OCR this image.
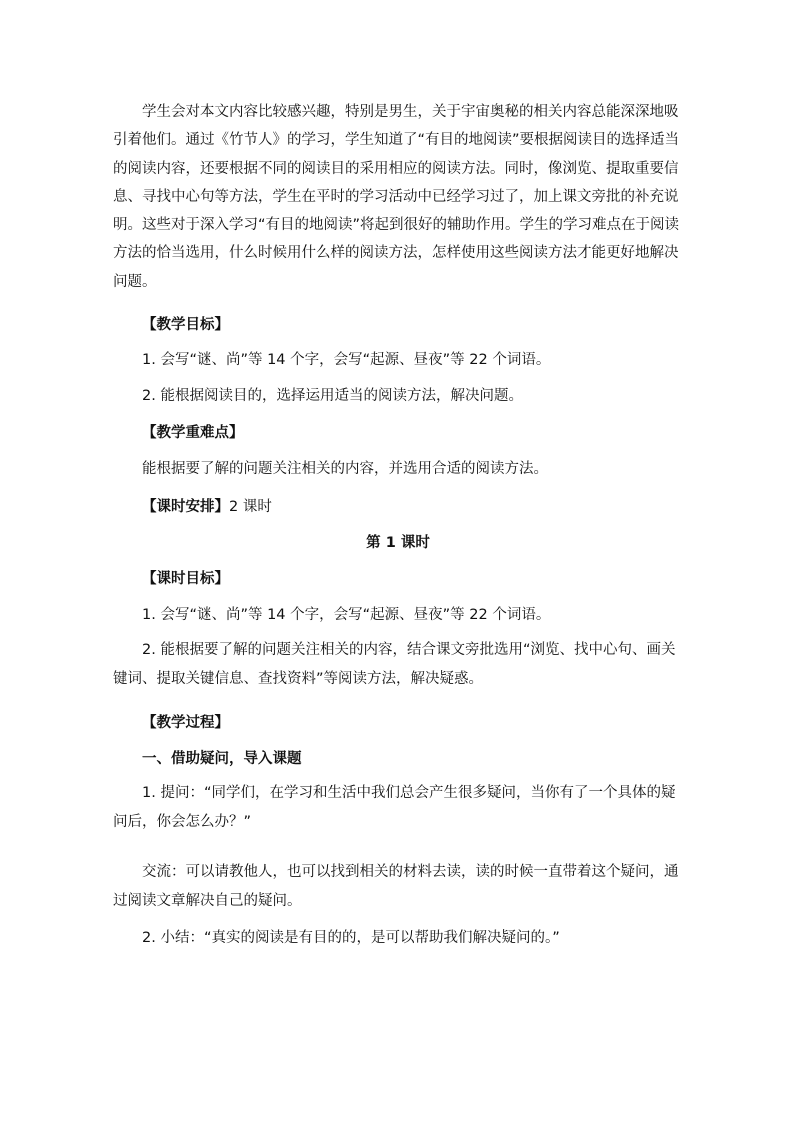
学生会对本文内容比较感兴趣，特别是男生，关于宇宙奥秘的相关内容总能深深地吸引着他们。通过《竹节人》的学习，学生知道了“有目的地阅读”要根据阅读目的选择适当的阅读内容，还要根据不同的阅读目的采用相应的阅读方法。同时，像浏览、提取重要信息、寻找中心句等方法，学生在平时的学习活动中已经学习过了，加上课文旁批的补充说明。这些对于深入学习“有目的地阅读”将起到很好的辅助作用。学生的学习难点在于阅读方法的恰当选用，什么时候用什么样的阅读方法，怎样使用这些阅读方法才能更好地解决问题。

【教学目标】

1. 会写“谜、尚”等 14 个字，会写“起源、昼夜”等 22 个词语。

2. 能根据阅读目的，选择运用适当的阅读方法，解决问题。

【教学重难点】

能根据要了解的问题关注相关的内容，并选用合适的阅读方法。

【课时安排】2 课时

第 1 课时

【课时目标】

1. 会写“谜、尚”等 14 个字，会写“起源、昼夜”等 22 个词语。

2. 能根据要了解的问题关注相关的内容，结合课文旁批选用“浏览、找中心句、画关键词、提取关键信息、查找资料”等阅读方法，解决疑惑。

【教学过程】

一、借助疑问，导入课题

1. 提问：“同学们，在学习和生活中我们总会产生很多疑问，当你有了一个具体的疑问后，你会怎么办？”

交流：可以请教他人，也可以找到相关的材料去读，读的时候一直带着这个疑问，通过阅读文章解决自己的疑问。

2. 小结：“真实的阅读是有目的的，是可以帮助我们解决疑问的。”
